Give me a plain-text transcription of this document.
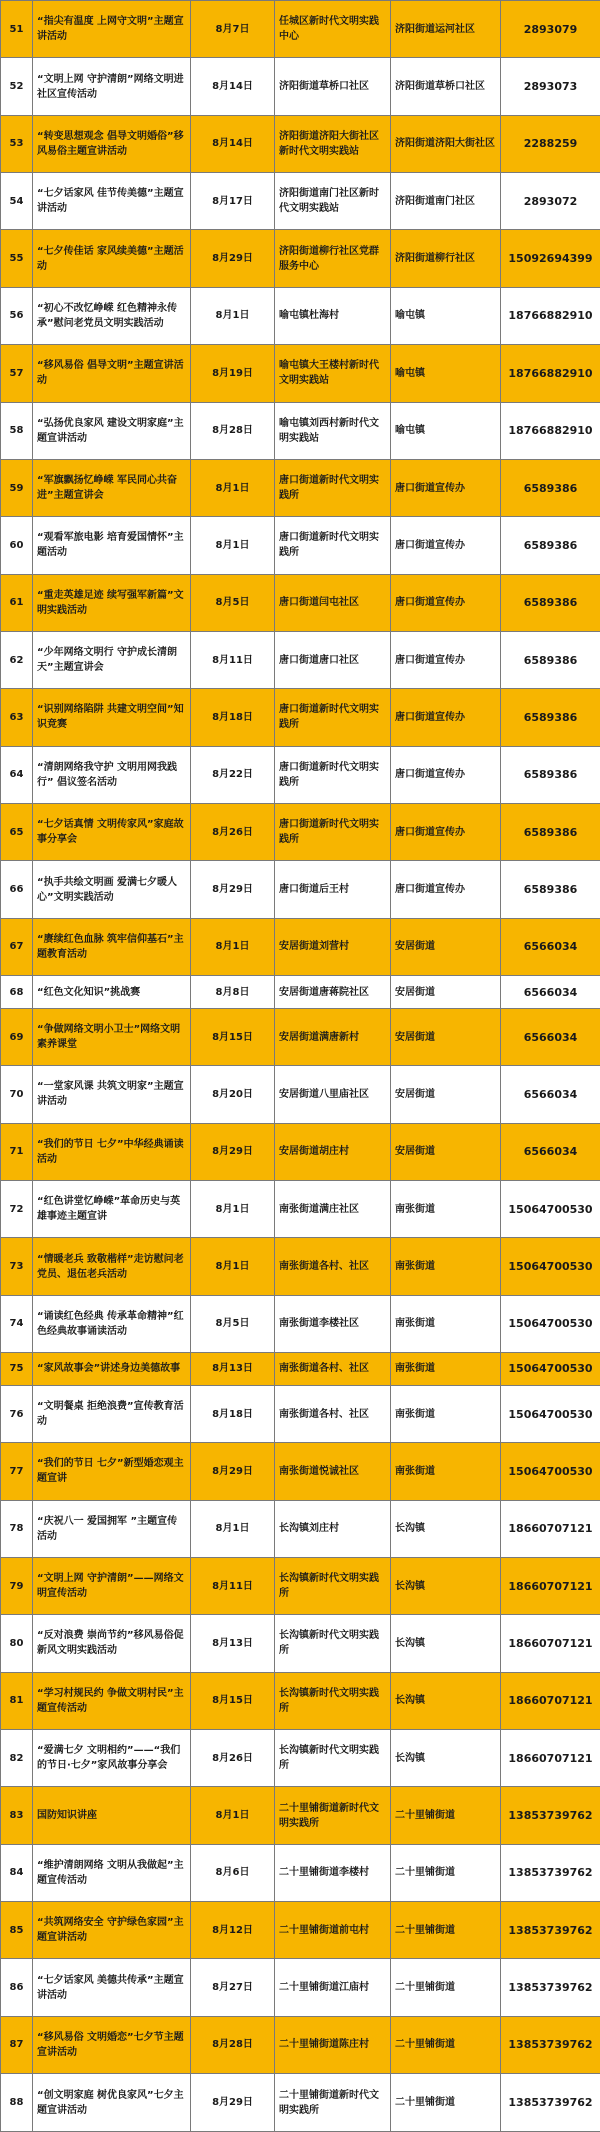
51	“指尖有温度 上网守文明”主题宣讲活动	8月7日	任城区新时代文明实践中心	济阳街道运河社区	2893079
52	“文明上网 守护清朗”网络文明进社区宣传活动	8月14日	济阳街道草桥口社区	济阳街道草桥口社区	2893073
53	“转变思想观念 倡导文明婚俗”移风易俗主题宣讲活动	8月14日	济阳街道济阳大街社区新时代文明实践站	济阳街道济阳大街社区	2288259
54	“七夕话家风 佳节传美德”主题宣讲活动	8月17日	济阳街道南门社区新时代文明实践站	济阳街道南门社区	2893072
55	“七夕传佳话 家风续美德”主题活动	8月29日	济阳街道柳行社区党群服务中心	济阳街道柳行社区	15092694399
56	“初心不改忆峥嵘 红色精神永传承”慰问老党员文明实践活动	8月1日	喻屯镇杜海村	喻屯镇	18766882910
57	“移风易俗 倡导文明”主题宣讲活动	8月19日	喻屯镇大王楼村新时代文明实践站	喻屯镇	18766882910
58	“弘扬优良家风 建设文明家庭”主题宣讲活动	8月28日	喻屯镇刘西村新时代文明实践站	喻屯镇	18766882910
59	“军旗飘扬忆峥嵘 军民同心共奋进”主题宣讲会	8月1日	唐口街道新时代文明实践所	唐口街道宣传办	6589386
60	“观看军旅电影 培育爱国情怀”主题活动	8月1日	唐口街道新时代文明实践所	唐口街道宣传办	6589386
61	“重走英雄足迹 续写强军新篇”文明实践活动	8月5日	唐口街道闫屯社区	唐口街道宣传办	6589386
62	“少年网络文明行 守护成长清朗天”主题宣讲会	8月11日	唐口街道唐口社区	唐口街道宣传办	6589386
63	“识别网络陷阱 共建文明空间”知识竞赛	8月18日	唐口街道新时代文明实践所	唐口街道宣传办	6589386
64	“清朗网络我守护 文明用网我践行” 倡议签名活动	8月22日	唐口街道新时代文明实践所	唐口街道宣传办	6589386
65	“七夕话真情 文明传家风”家庭故事分享会	8月26日	唐口街道新时代文明实践所	唐口街道宣传办	6589386
66	“执手共绘文明画 爱满七夕暖人心”文明实践活动	8月29日	唐口街道后王村	唐口街道宣传办	6589386
67	“赓续红色血脉 筑牢信仰基石”主题教育活动	8月1日	安居街道刘营村	安居街道	6566034
68	“红色文化知识”挑战赛	8月8日	安居街道唐蒋院社区	安居街道	6566034
69	“争做网络文明小卫士”网络文明素养课堂	8月15日	安居街道满唐新村	安居街道	6566034
70	“一堂家风课 共筑文明家”主题宣讲活动	8月20日	安居街道八里庙社区	安居街道	6566034
71	“我们的节日 七夕”中华经典诵读活动	8月29日	安居街道胡庄村	安居街道	6566034
72	“红色讲堂忆峥嵘”革命历史与英雄事迹主题宣讲	8月1日	南张街道满庄社区	南张街道	15064700530
73	“情暖老兵 致敬楷样”走访慰问老党员、退伍老兵活动	8月1日	南张街道各村、社区	南张街道	15064700530
74	“诵读红色经典 传承革命精神”红色经典故事诵读活动	8月5日	南张街道李楼社区	南张街道	15064700530
75	“家风故事会”讲述身边美德故事	8月13日	南张街道各村、社区	南张街道	15064700530
76	“文明餐桌 拒绝浪费”宣传教育活动	8月18日	南张街道各村、社区	南张街道	15064700530
77	“我们的节日 七夕”新型婚恋观主题宣讲	8月29日	南张街道悦诚社区	南张街道	15064700530
78	“庆祝八一 爱国拥军 ”主题宣传活动	8月1日	长沟镇刘庄村	长沟镇	18660707121
79	“文明上网 守护清朗”——网络文明宣传活动	8月11日	长沟镇新时代文明实践所	长沟镇	18660707121
80	“反对浪费 崇尚节约”移风易俗促新风文明实践活动	8月13日	长沟镇新时代文明实践所	长沟镇	18660707121
81	“学习村规民约 争做文明村民”主题宣传活动	8月15日	长沟镇新时代文明实践所	长沟镇	18660707121
82	“爱满七夕 文明相约”——“我们的节日·七夕”家风故事分享会	8月26日	长沟镇新时代文明实践所	长沟镇	18660707121
83	国防知识讲座	8月1日	二十里铺街道新时代文明实践所	二十里铺街道	13853739762
84	“维护清朗网络 文明从我做起”主题宣传活动	8月6日	二十里铺街道李楼村	二十里铺街道	13853739762
85	“共筑网络安全 守护绿色家园”主题宣讲活动	8月12日	二十里铺街道前屯村	二十里铺街道	13853739762
86	“七夕话家风 美德共传承”主题宣讲活动	8月27日	二十里铺街道江庙村	二十里铺街道	13853739762
87	“移风易俗 文明婚恋”七夕节主题宣讲活动	8月28日	二十里铺街道陈庄村	二十里铺街道	13853739762
88	“创文明家庭 树优良家风”七夕主题宣讲活动	8月29日	二十里铺街道新时代文明实践所	二十里铺街道	13853739762
